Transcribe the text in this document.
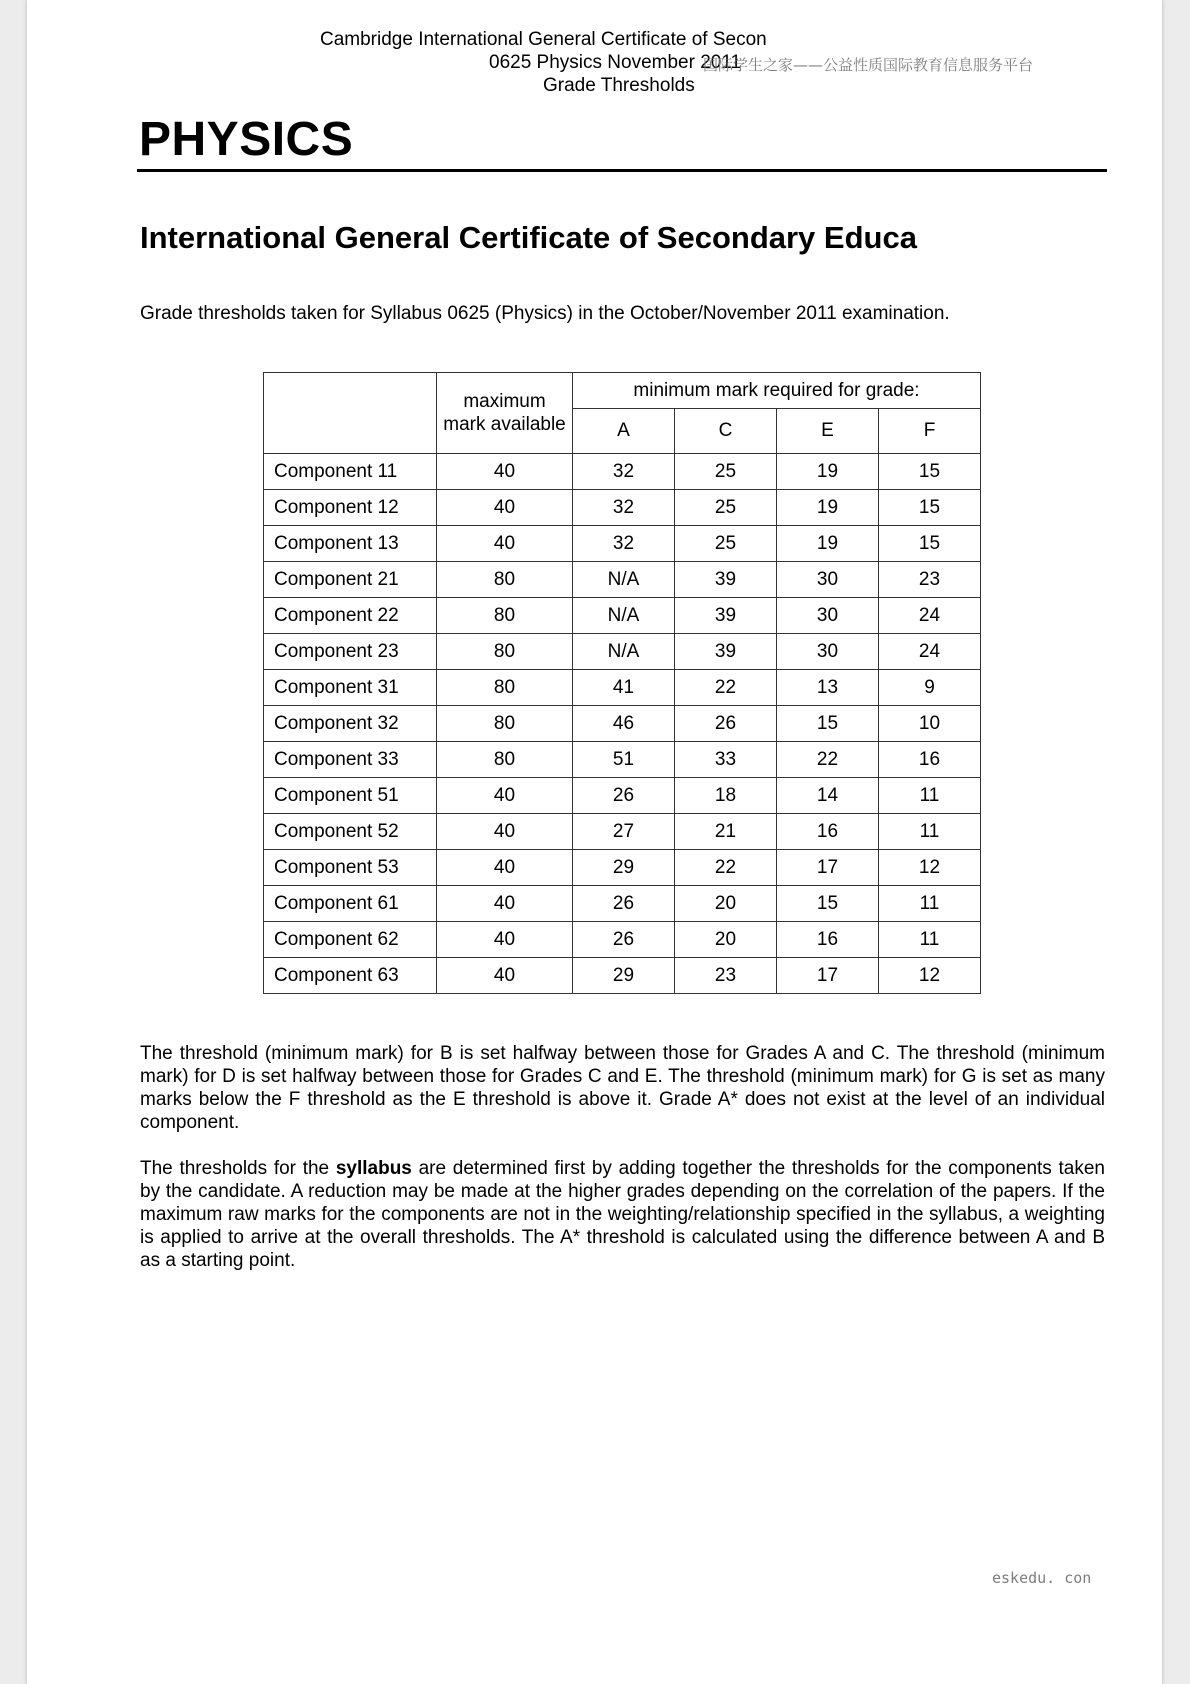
Cambridge International General Certificate of Secon
0625 Physics November 2011
Grade Thresholds
国际学生之家——公益性质国际教育信息服务平台
PHYSICS
International General Certificate of Secondary Educa
Grade thresholds taken for Syllabus 0625 (Physics) in the October/November 2011 examination.
	maximum mark available	minimum mark required for grade:			
		A	C	E	F
Component 11	40	32	25	19	15
Component 12	40	32	25	19	15
Component 13	40	32	25	19	15
Component 21	80	N/A	39	30	23
Component 22	80	N/A	39	30	24
Component 23	80	N/A	39	30	24
Component 31	80	41	22	13	9
Component 32	80	46	26	15	10
Component 33	80	51	33	22	16
Component 51	40	26	18	14	11
Component 52	40	27	21	16	11
Component 53	40	29	22	17	12
Component 61	40	26	20	15	11
Component 62	40	26	20	16	11
Component 63	40	29	23	17	12

The threshold (minimum mark) for B is set halfway between those for Grades A and C. The threshold (minimum mark) for D is set halfway between those for Grades C and E. The threshold (minimum mark) for G is set as many marks below the F threshold as the E threshold is above it. Grade A* does not exist at the level of an individual component.

The thresholds for the syllabus are determined first by adding together the thresholds for the components taken by the candidate. A reduction may be made at the higher grades depending on the correlation of the papers. If the maximum raw marks for the components are not in the weighting/relationship specified in the syllabus, a weighting is applied to arrive at the overall thresholds. The A* threshold is calculated using the difference between A and B as a starting point.

eskedu. con
